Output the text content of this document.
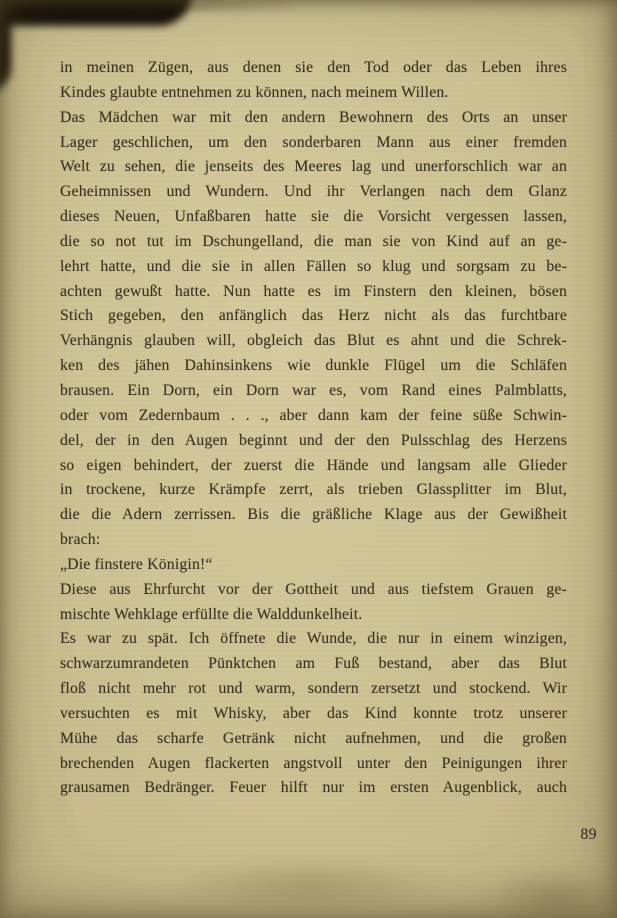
in meinen Zügen, aus denen sie den Tod oder das Leben ihres
Kindes glaubte entnehmen zu können, nach meinem Willen.
Das Mädchen war mit den andern Bewohnern des Orts an unser
Lager geschlichen, um den sonderbaren Mann aus einer fremden
Welt zu sehen, die jenseits des Meeres lag und unerforschlich war an
Geheimnissen und Wundern. Und ihr Verlangen nach dem Glanz
dieses Neuen, Unfaßbaren hatte sie die Vorsicht vergessen lassen,
die so not tut im Dschungelland, die man sie von Kind auf an ge-
lehrt hatte, und die sie in allen Fällen so klug und sorgsam zu be-
achten gewußt hatte. Nun hatte es im Finstern den kleinen, bösen
Stich gegeben, den anfänglich das Herz nicht als das furchtbare
Verhängnis glauben will, obgleich das Blut es ahnt und die Schrek-
ken des jähen Dahinsinkens wie dunkle Flügel um die Schläfen
brausen. Ein Dorn, ein Dorn war es, vom Rand eines Palmblatts,
oder vom Zedernbaum . . ., aber dann kam der feine süße Schwin-
del, der in den Augen beginnt und der den Pulsschlag des Herzens
so eigen behindert, der zuerst die Hände und langsam alle Glieder
in trockene, kurze Krämpfe zerrt, als trieben Glassplitter im Blut,
die die Adern zerrissen. Bis die gräßliche Klage aus der Gewißheit
brach:
„Die finstere Königin!“
Diese aus Ehrfurcht vor der Gottheit und aus tiefstem Grauen ge-
mischte Wehklage erfüllte die Walddunkelheit.
Es war zu spät. Ich öffnete die Wunde, die nur in einem winzigen,
schwarzumrandeten Pünktchen am Fuß bestand, aber das Blut
floß nicht mehr rot und warm, sondern zersetzt und stockend. Wir
versuchten es mit Whisky, aber das Kind konnte trotz unserer
Mühe das scharfe Getränk nicht aufnehmen, und die großen
brechenden Augen flackerten angstvoll unter den Peinigungen ihrer
grausamen Bedränger. Feuer hilft nur im ersten Augenblick, auch
89
